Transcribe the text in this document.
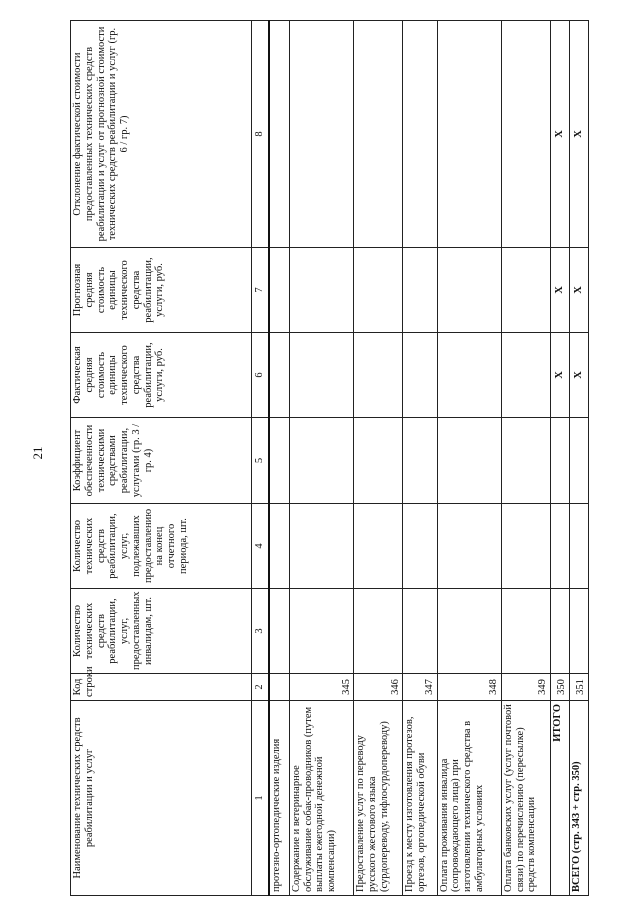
21
Наименование технических средств реабилитации и услуг	Код строки	Количество технических средств реабилитации, услуг, предоставленных инвалидам, шт.	Количество технических средств реабилитации, услуг, подлежавших предоставлению на конец отчетного периода, шт.	Коэффициент обеспеченности техническими средствами реабилитации, услугами (гр. 3 / гр. 4)	Фактическая средняя стоимость единицы технического средства реабилитации, услуги, руб.	Прогнозная средняя стоимость единицы технического средства реабилитации, услуги, руб.	Отклонение фактической стоимости предоставленных технических средств реабилитации и услуг от прогнозной стоимости технических средств реабилитации и услуг (гр. 6 / гр. 7)
1	2	3	4	5	6	7	8
протезно-ортопедические изделия							
Содержание и ветеринарное обслуживание собак-проводников (путем выплаты ежегодной денежной компенсации)	345						
Предоставление услуг по переводу русского жестового языка (сурдопереводу, тифлосурдопереводу)	346						
Проезд к месту изготовления протезов, ортезов, ортопедической обуви	347						
Оплата проживания инвалида (сопровождающего лица) при изготовлении технического средства в амбулаторных условиях	348						
Оплата банковских услуг (услуг почтовой связи) по перечислению (пересылке) средств компенсации	349						
ИТОГО	350				X	X	X
ВСЕГО (стр. 343 + стр. 350)	351				X	X	X
